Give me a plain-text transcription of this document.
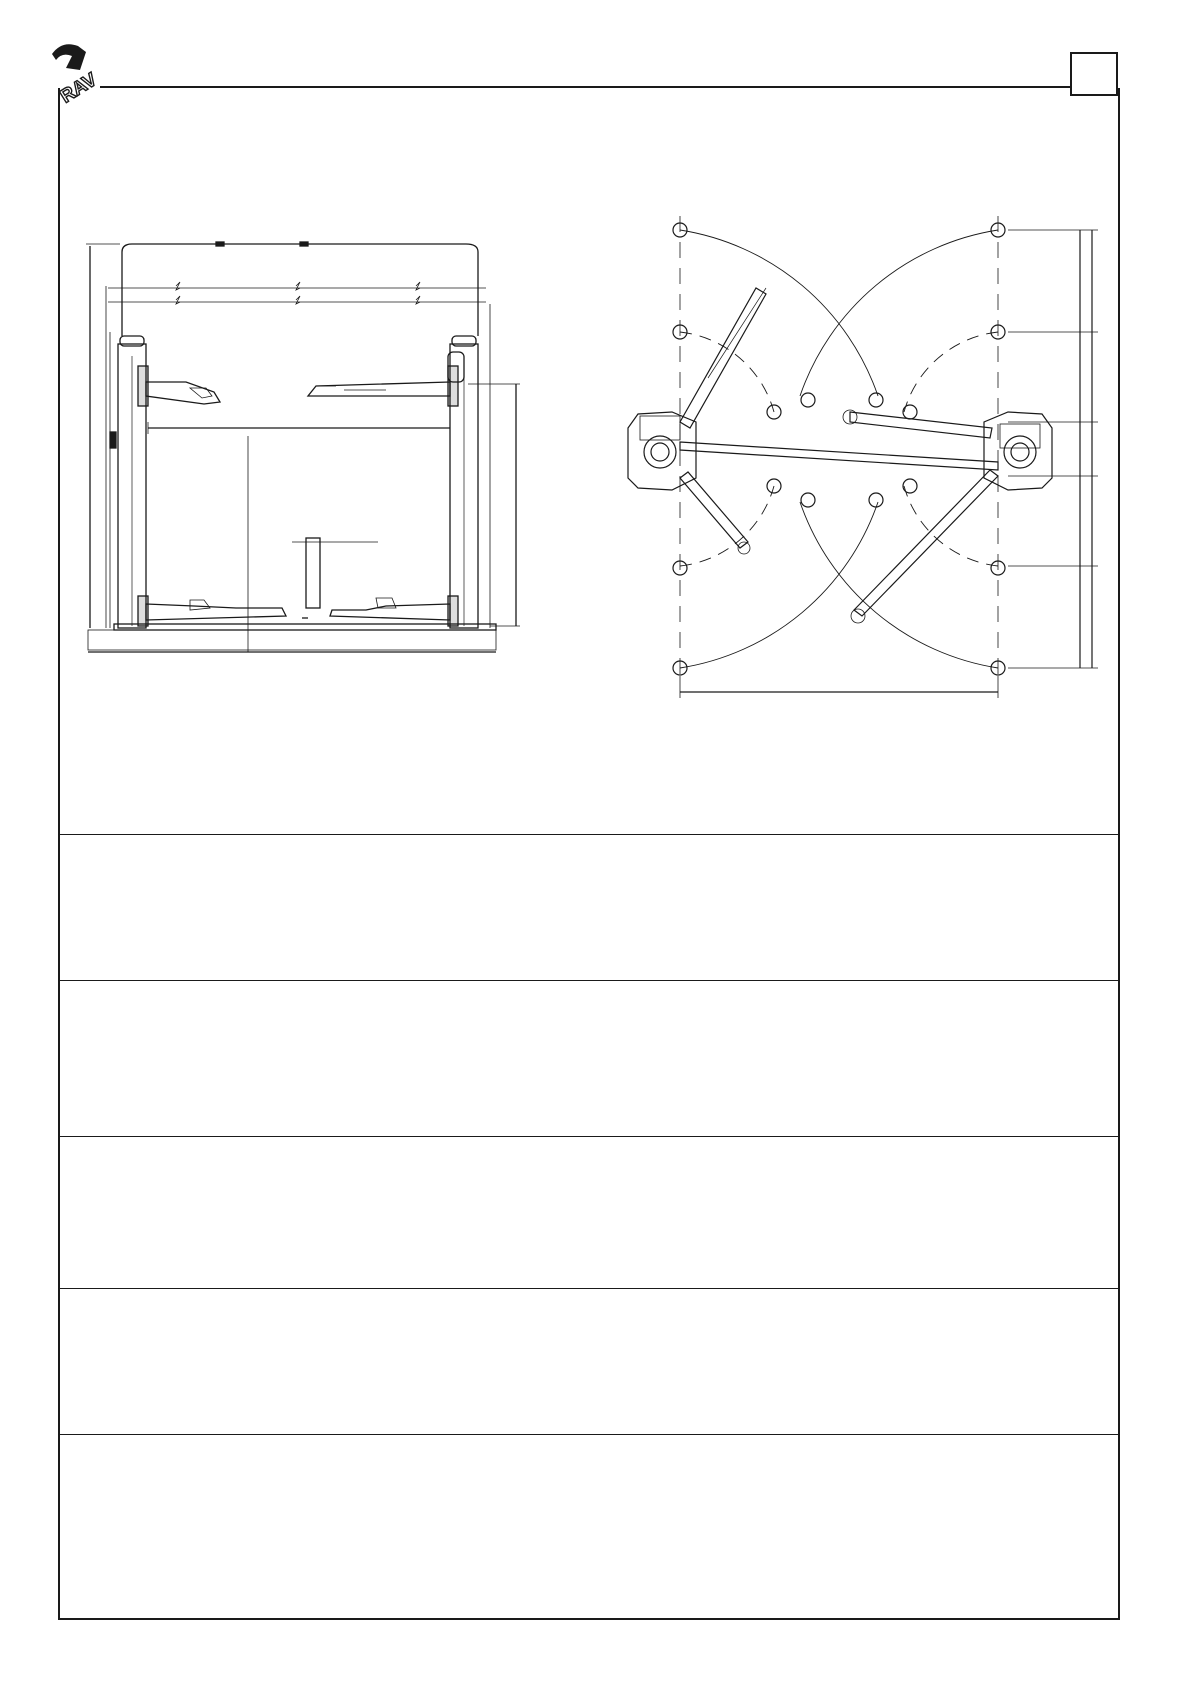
RAV
